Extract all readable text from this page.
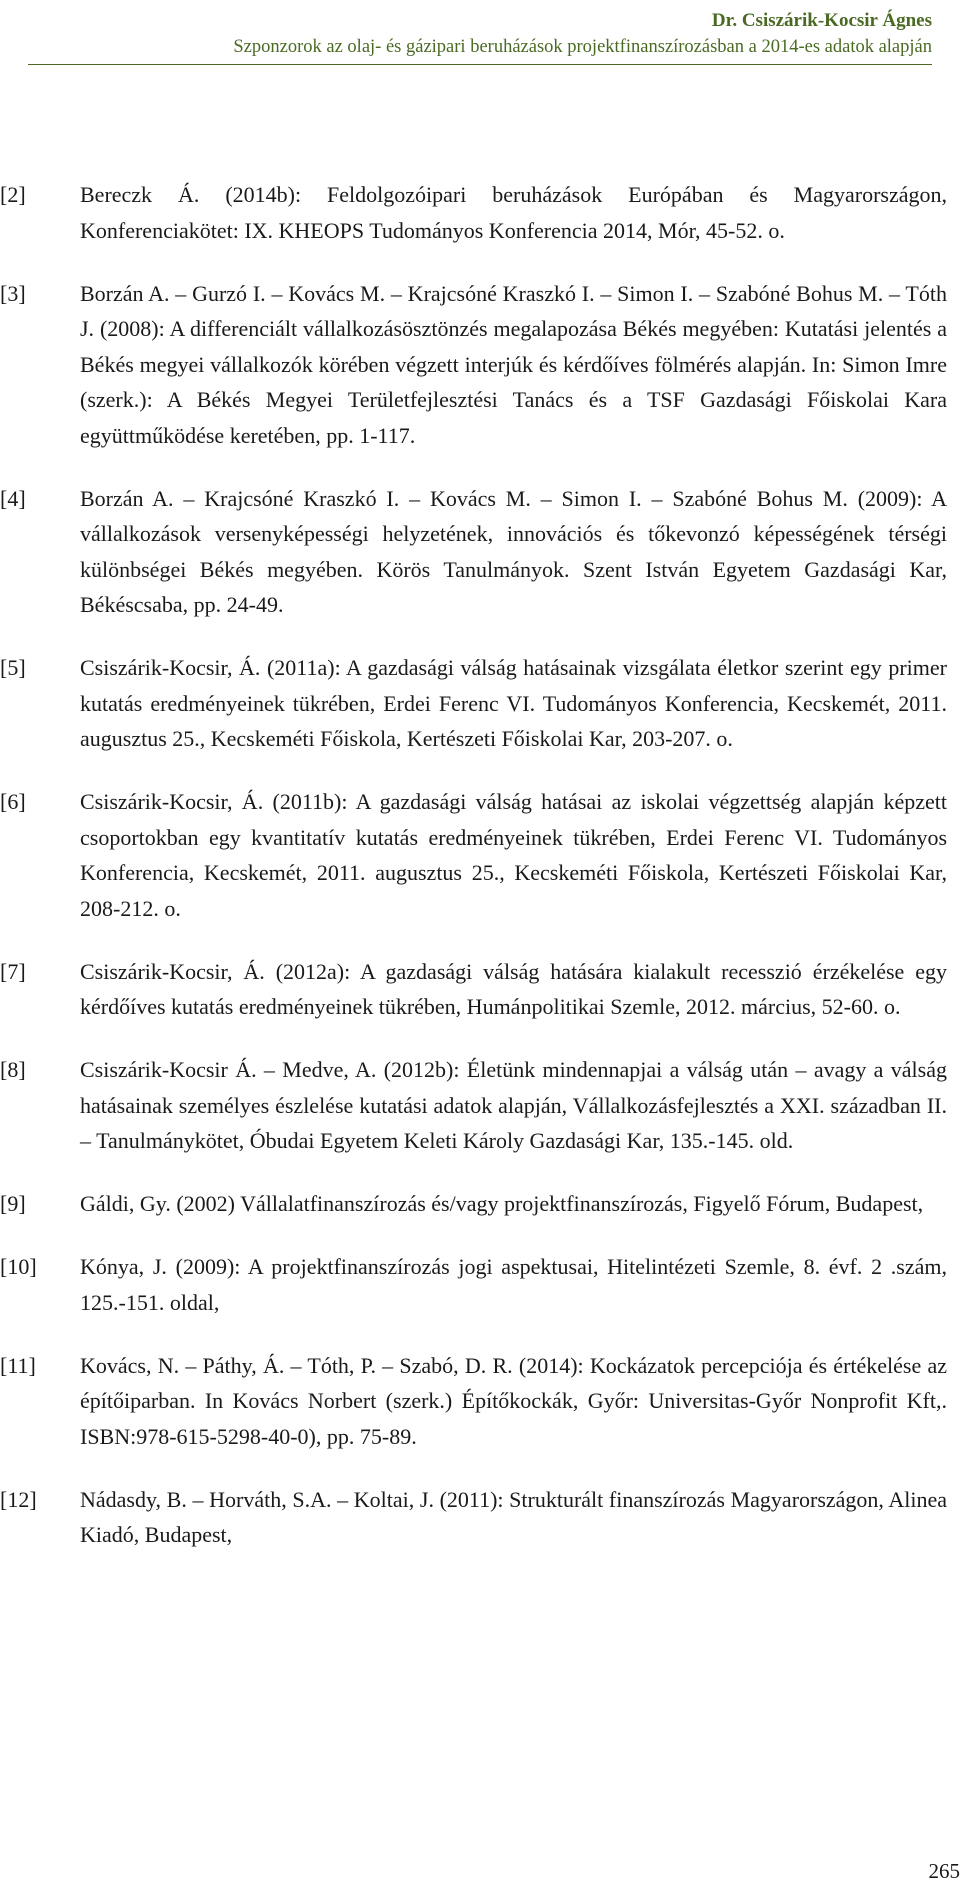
Dr. Csiszárik-Kocsir Ágnes
Szponzorok az olaj- és gázipari beruházások projektfinanszírozásban a 2014-es adatok alapján
[2] Bereczk Á. (2014b): Feldolgozóipari beruházások Európában és Magyarországon, Konferenciakötet: IX. KHEOPS Tudományos Konferencia 2014, Mór, 45-52. o.
[3] Borzán A. – Gurzó I. – Kovács M. – Krajcsóné Kraszkó I. – Simon I. – Szabóné Bohus M. – Tóth J. (2008): A differenciált vállalkozásösztönzés megalapozása Békés megyében: Kutatási jelentés a Békés megyei vállalkozók körében végzett interjúk és kérdőíves fölmérés alapján. In: Simon Imre (szerk.): A Békés Megyei Területfejlesztési Tanács és a TSF Gazdasági Főiskolai Kara együttműködése keretében, pp. 1-117.
[4] Borzán A. – Krajcsóné Kraszkó I. – Kovács M. – Simon I. – Szabóné Bohus M. (2009): A vállalkozások versenyképességi helyzetének, innovációs és tőkevonzó képességének térségi különbségei Békés megyében. Körös Tanulmányok. Szent István Egyetem Gazdasági Kar, Békéscsaba, pp. 24-49.
[5] Csiszárik-Kocsir, Á. (2011a): A gazdasági válság hatásainak vizsgálata életkor szerint egy primer kutatás eredményeinek tükrében, Erdei Ferenc VI. Tudományos Konferencia, Kecskemét, 2011. augusztus 25., Kecskeméti Főiskola, Kertészeti Főiskolai Kar, 203-207. o.
[6] Csiszárik-Kocsir, Á. (2011b): A gazdasági válság hatásai az iskolai végzettség alapján képzett csoportokban egy kvantitatív kutatás eredményeinek tükrében, Erdei Ferenc VI. Tudományos Konferencia, Kecskemét, 2011. augusztus 25., Kecskeméti Főiskola, Kertészeti Főiskolai Kar, 208-212. o.
[7] Csiszárik-Kocsir, Á. (2012a): A gazdasági válság hatására kialakult recesszió érzékelése egy kérdőíves kutatás eredményeinek tükrében, Humánpolitikai Szemle, 2012. március, 52-60. o.
[8] Csiszárik-Kocsir Á. – Medve, A. (2012b): Életünk mindennapjai a válság után – avagy a válság hatásainak személyes észlelése kutatási adatok alapján, Vállalkozásfejlesztés a XXI. században II. – Tanulmánykötet, Óbudai Egyetem Keleti Károly Gazdasági Kar, 135.-145. old.
[9] Gáldi, Gy. (2002) Vállalatfinanszírozás és/vagy projektfinanszírozás, Figyelő Fórum, Budapest,
[10] Kónya, J. (2009): A projektfinanszírozás jogi aspektusai, Hitelintézeti Szemle, 8. évf. 2 .szám, 125.-151. oldal,
[11] Kovács, N. – Páthy, Á. – Tóth, P. – Szabó, D. R. (2014): Kockázatok percepciója és értékelése az építőiparban. In Kovács Norbert (szerk.) Építőkockák, Győr: Universitas-Győr Nonprofit Kft,. ISBN:978-615-5298-40-0), pp. 75-89.
[12] Nádasdy, B. – Horváth, S.A. – Koltai, J. (2011): Strukturált finanszírozás Magyarországon, Alinea Kiadó, Budapest,
265
